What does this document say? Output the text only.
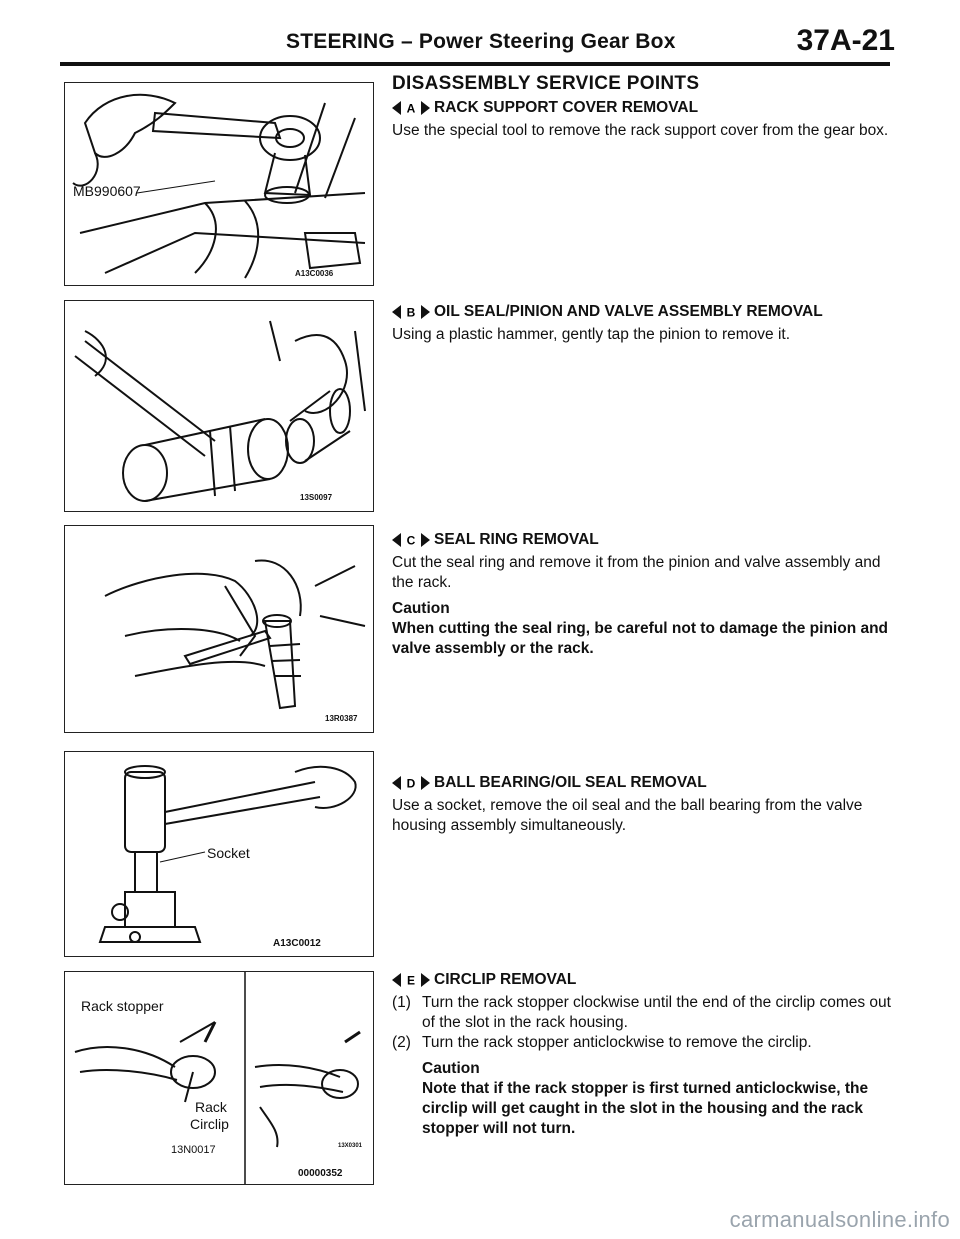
STEERING – Power Steering Gear Box	37A-21
MB990607
A13C0036
13S0097
13R0387
Socket
A13C0012
Rack stopper
Rack
Circlip
13N0017	13X0301
00000352
DISASSEMBLY SERVICE POINTS
A RACK SUPPORT COVER REMOVAL
Use the special tool to remove the rack support cover from the gear box.
B OIL SEAL/PINION AND VALVE ASSEMBLY REMOVAL
Using a plastic hammer, gently tap the pinion to remove it.
C SEAL RING REMOVAL
Cut the seal ring and remove it from the pinion and valve assembly and the rack.
Caution
When cutting the seal ring, be careful not to damage the pinion and valve assembly or the rack.
D BALL BEARING/OIL SEAL REMOVAL
Use a socket, remove the oil seal and the ball bearing from the valve housing assembly simultaneously.
E CIRCLIP REMOVAL
(1) Turn the rack stopper clockwise until the end of the circlip comes out of the slot in the rack housing.
(2) Turn the rack stopper anticlockwise to remove the circlip.
Caution
Note that if the rack stopper is first turned anticlockwise, the circlip will get caught in the slot in the housing and the rack stopper will not turn.
carmanualsonline.info
